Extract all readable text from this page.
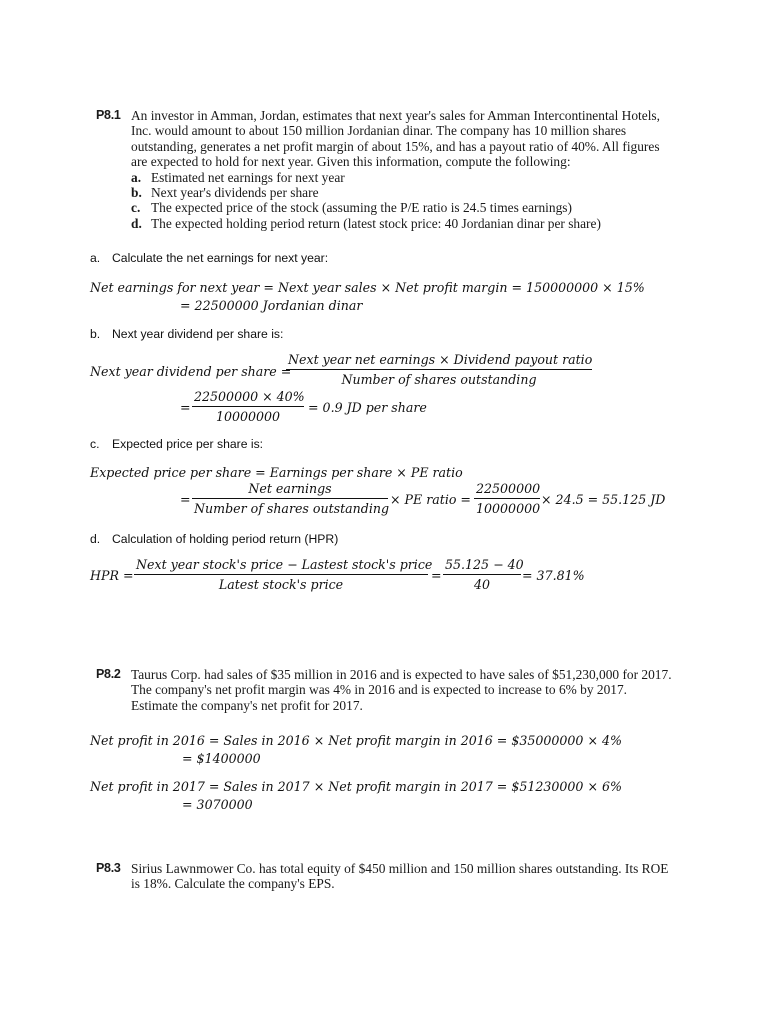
P8.1 An investor in Amman, Jordan, estimates that next year's sales for Amman Intercontinental Hotels, Inc. would amount to about 150 million Jordanian dinar. The company has 10 million shares outstanding, generates a net profit margin of about 15%, and has a payout ratio of 40%. All figures are expected to hold for next year. Given this information, compute the following:
a. Estimated net earnings for next year
b. Next year's dividends per share
c. The expected price of the stock (assuming the P/E ratio is 24.5 times earnings)
d. The expected holding period return (latest stock price: 40 Jordanian dinar per share)
a. Calculate the net earnings for next year:
Net earnings for next year = Next year sales × Net profit margin = 150000000 × 15%
= 22500000 Jordanian dinar
b. Next year dividend per share is:
Next year dividend per share =
Next year net earnings × Dividend payout ratio
Number of shares outstanding
=
22500000 × 40%
10000000
= 0.9 JD per share
c. Expected price per share is:
Expected price per share = Earnings per share × PE ratio
=
Net earnings
Number of shares outstanding
× PE ratio =
22500000
10000000
× 24.5 = 55.125 JD
d. Calculation of holding period return (HPR)
HPR =
Next year stock's price − Lastest stock's price
Latest stock's price
=
55.125 − 40
40
= 37.81%
P8.2 Taurus Corp. had sales of $35 million in 2016 and is expected to have sales of $51,230,000 for 2017. The company's net profit margin was 4% in 2016 and is expected to increase to 6% by 2017. Estimate the company's net profit for 2017.
Net profit in 2016 = Sales in 2016 × Net profit margin in 2016 = $35000000 × 4%
= $1400000
Net profit in 2017 = Sales in 2017 × Net profit margin in 2017 = $51230000 × 6%
= 3070000
P8.3 Sirius Lawnmower Co. has total equity of $450 million and 150 million shares outstanding. Its ROE is 18%. Calculate the company's EPS.
